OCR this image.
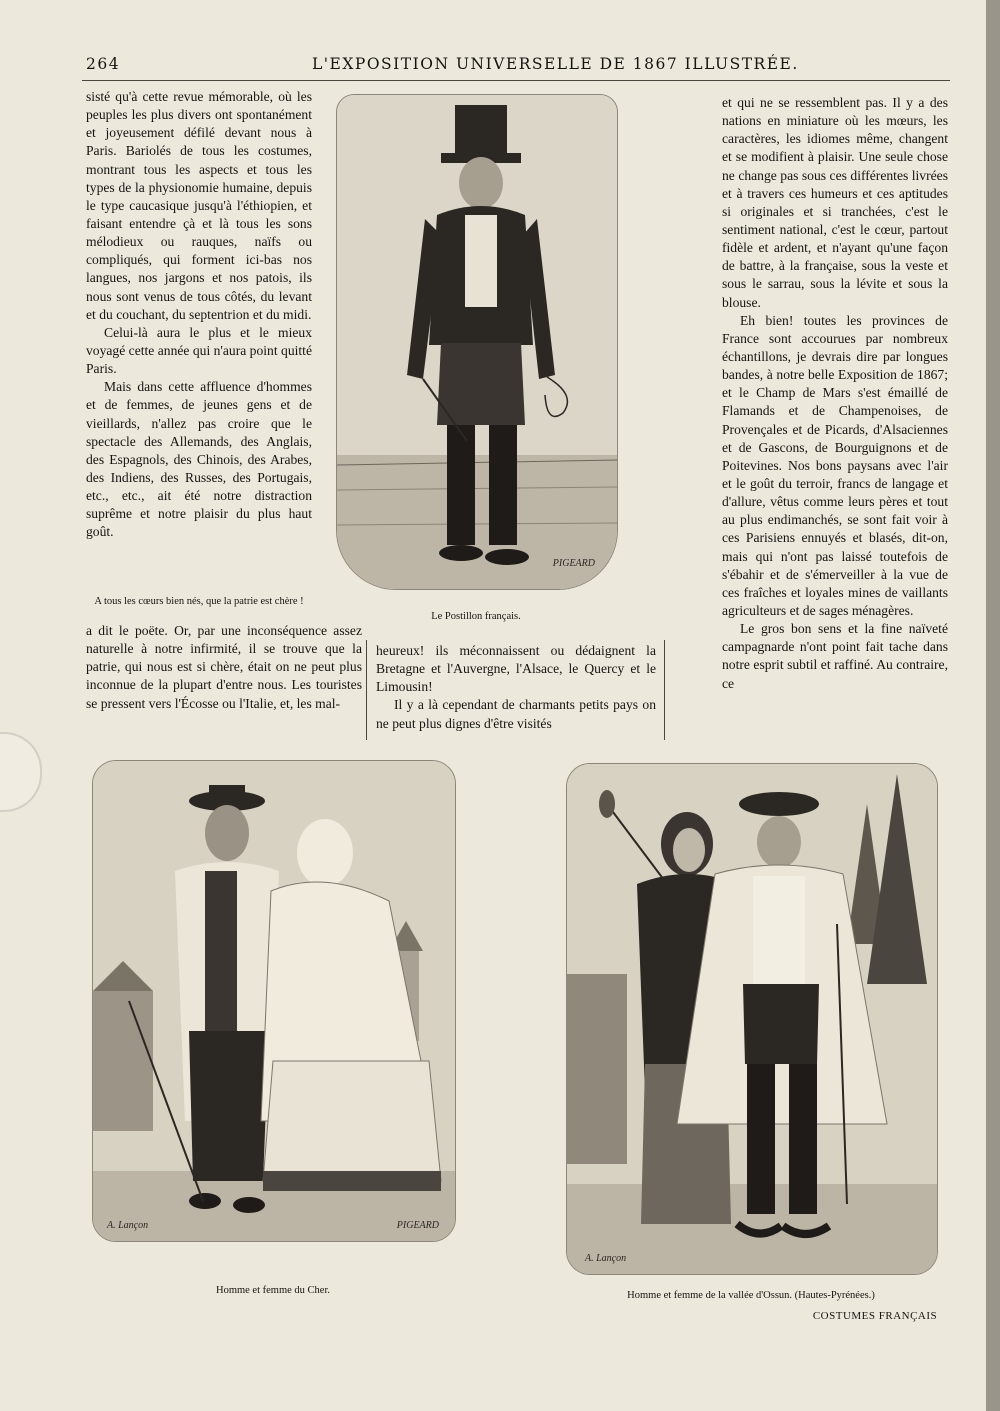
264	L'EXPOSITION UNIVERSELLE DE 1867 ILLUSTRÉE.

sisté qu'à cette revue mémorable, où les peuples les plus divers ont spontanément et joyeusement défilé devant nous à Paris. Bariolés de tous les costumes, montrant tous les aspects et tous les types de la physionomie humaine, depuis le type caucasique jusqu'à l'éthiopien, et faisant entendre çà et là tous les sons mélodieux ou rauques, naïfs ou compliqués, qui forment ici-bas nos langues, nos jargons et nos patois, ils nous sont venus de tous côtés, du levant et du couchant, du septentrion et du midi.

Celui-là aura le plus et le mieux voyagé cette année qui n'aura point quitté Paris.

Mais dans cette affluence d'hommes et de femmes, de jeunes gens et de vieillards, n'allez pas croire que le spectacle des Allemands, des Anglais, des Espagnols, des Chinois, des Arabes, des Indiens, des Russes, des Portugais, etc., etc., ait été notre distraction suprême et notre plaisir du plus haut goût.

A tous les cœurs bien nés, que la patrie est chère !
PIGEARD
Le Postillon français.

et qui ne se ressemblent pas. Il y a des nations en miniature où les mœurs, les caractères, les idiomes même, changent et se modifient à plaisir. Une seule chose ne change pas sous ces différentes livrées et à travers ces humeurs et ces aptitudes si originales et si tranchées, c'est le sentiment national, c'est le cœur, partout fidèle et ardent, et n'ayant qu'une façon de battre, à la française, sous la veste et sous le sarrau, sous la lévite et sous la blouse.

Eh bien! toutes les provinces de France sont accourues par nombreux échantillons, je devrais dire par longues bandes, à notre belle Exposition de 1867; et le Champ de Mars s'est émaillé de Flamands et de Champenoises, de Provençales et de Picards, d'Alsaciennes et de Gascons, de Bourguignons et de Poitevines. Nos bons paysans avec l'air et le goût du terroir, francs de langage et d'allure, vêtus comme leurs pères et tout au plus endimanchés, se sont fait voir à ces Parisiens ennuyés et blasés, dit-on, mais qui n'ont pas laissé toutefois de s'ébahir et de s'émerveiller à la vue de ces fraîches et loyales mines de vaillants agriculteurs et de sages ménagères.

Le gros bon sens et la fine naïveté campagnarde n'ont point fait tache dans notre esprit subtil et raffiné. Au contraire, ce

a dit le poëte. Or, par une inconséquence assez naturelle à notre infirmité, il se trouve que la patrie, qui nous est si chère, était on ne peut plus inconnue de la plupart d'entre nous. Les touristes se pressent vers l'Écosse ou l'Italie, et, les mal-

heureux! ils méconnaissent ou dédaignent la Bretagne et l'Auvergne, l'Alsace, le Quercy et le Limousin!

Il y a là cependant de charmants petits pays on ne peut plus dignes d'être visités

A. Lançon	PIGEARD
Homme et femme du Cher.
A. Lançon
Homme et femme de la vallée d'Ossun. (Hautes-Pyrénées.)
COSTUMES FRANÇAIS
